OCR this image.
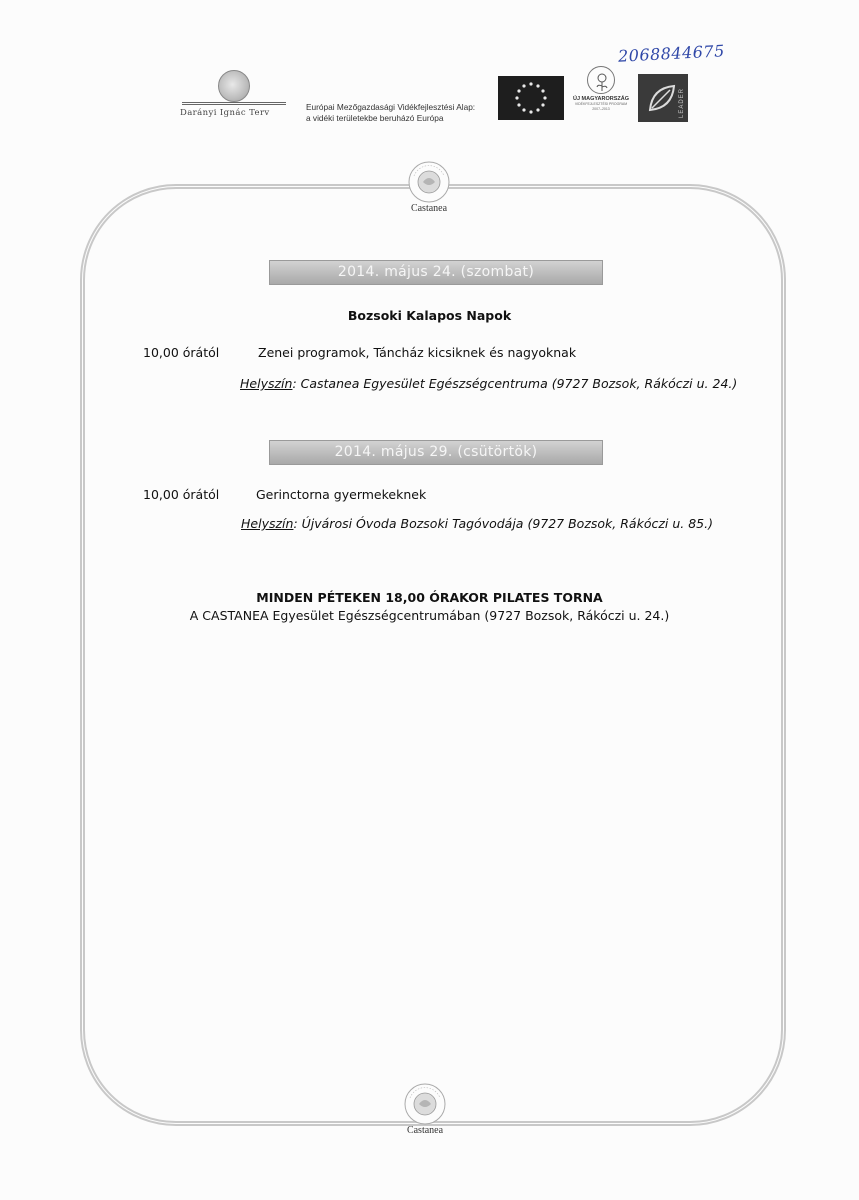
2068844675
Darányi Ignác Terv
Európai Mezőgazdasági Vidékfejlesztési Alap:
a vidéki területekbe beruházó Európa
ÚJ MAGYARORSZÁG
VIDÉKFEJLESZTÉSI PROGRAM
2007–2013	LEADER
Castanea
2014. május 24. (szombat)
Bozsoki Kalapos Napok
10,00 órától	Zenei programok, Táncház kicsiknek és nagyoknak
Helyszín: Castanea Egyesület Egészségcentruma (9727 Bozsok, Rákóczi u. 24.)
2014. május 29. (csütörtök)
10,00 órától	Gerinctorna gyermekeknek
Helyszín: Újvárosi Óvoda Bozsoki Tagóvodája (9727 Bozsok, Rákóczi u. 85.)
MINDEN PÉTEKEN 18,00 ÓRAKOR PILATES TORNA
A CASTANEA Egyesület Egészségcentrumában (9727 Bozsok, Rákóczi u. 24.)
Castanea
